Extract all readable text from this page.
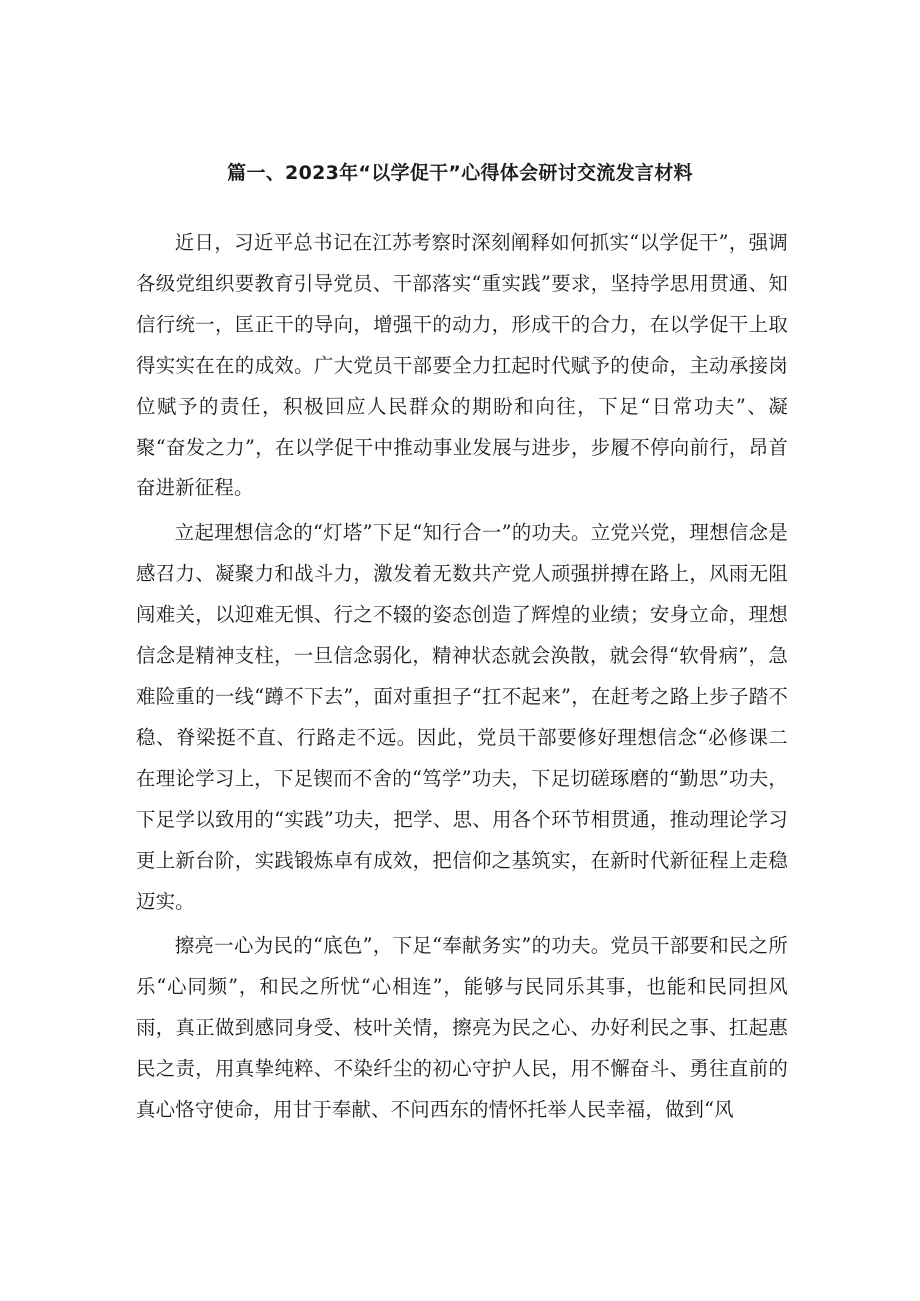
篇一、2023年“以学促干”心得体会研讨交流发言材料

近日，习近平总书记在江苏考察时深刻阐释如何抓实“以学促干”，强调各级党组织要教育引导党员、干部落实“重实践”要求，坚持学思用贯通、知信行统一，匡正干的导向，增强干的动力，形成干的合力，在以学促干上取得实实在在的成效。广大党员干部要全力扛起时代赋予的使命，主动承接岗位赋予的责任，积极回应人民群众的期盼和向往，下足“日常功夫”、凝聚“奋发之力”，在以学促干中推动事业发展与进步，步履不停向前行，昂首奋进新征程。

立起理想信念的“灯塔”下足“知行合一”的功夫。立党兴党，理想信念是感召力、凝聚力和战斗力，激发着无数共产党人顽强拼搏在路上，风雨无阻闯难关，以迎难无惧、行之不辍的姿态创造了辉煌的业绩；安身立命，理想信念是精神支柱，一旦信念弱化，精神状态就会涣散，就会得“软骨病”，急难险重的一线“蹲不下去”，面对重担子“扛不起来”，在赶考之路上步子踏不稳、脊梁挺不直、行路走不远。因此，党员干部要修好理想信念“必修课二在理论学习上，下足锲而不舍的“笃学”功夫，下足切磋琢磨的“勤思”功夫，下足学以致用的“实践”功夫，把学、思、用各个环节相贯通，推动理论学习更上新台阶，实践锻炼卓有成效，把信仰之基筑实，在新时代新征程上走稳迈实。

擦亮一心为民的“底色”，下足“奉献务实”的功夫。党员干部要和民之所乐“心同频”，和民之所忧“心相连”，能够与民同乐其事，也能和民同担风雨，真正做到感同身受、枝叶关情，擦亮为民之心、办好利民之事、扛起惠民之责，用真挚纯粹、不染纤尘的初心守护人民，用不懈奋斗、勇往直前的真心恪守使命，用甘于奉献、不问西东的情怀托举人民幸福，做到“风
